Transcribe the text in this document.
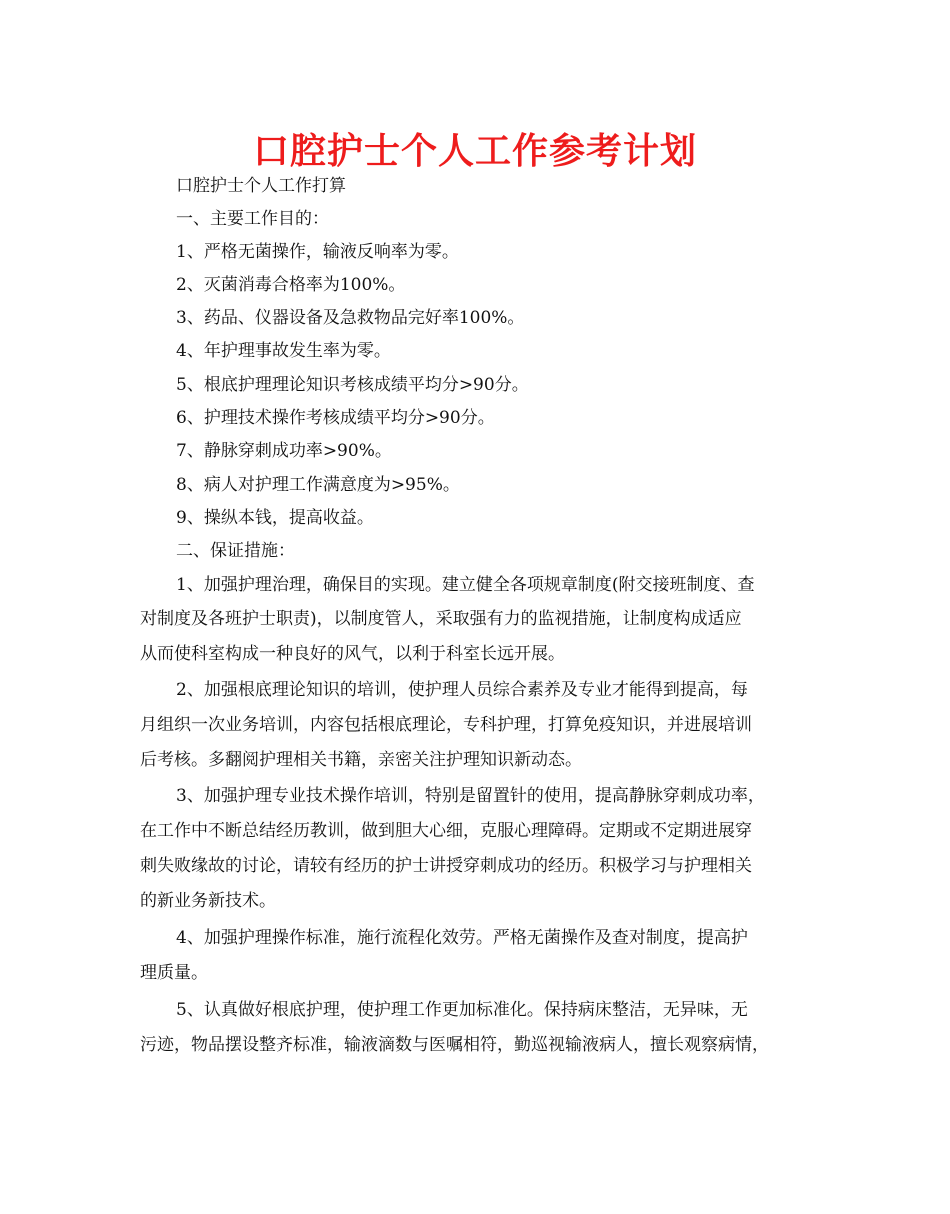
口腔护士个人工作参考计划
口腔护士个人工作打算
一、主要工作目的：
1、严格无菌操作，输液反响率为零。
2、灭菌消毒合格率为100%。
3、药品、仪器设备及急救物品完好率100%。
4、年护理事故发生率为零。
5、根底护理理论知识考核成绩平均分>90分。
6、护理技术操作考核成绩平均分>90分。
7、静脉穿刺成功率>90%。
8、病人对护理工作满意度为>95%。
9、操纵本钱，提高收益。
二、保证措施：
1、加强护理治理，确保目的实现。建立健全各项规章制度(附交接班制度、查
对制度及各班护士职责)，以制度管人，采取强有力的监视措施，让制度构成适应
从而使科室构成一种良好的风气，以利于科室长远开展。
2、加强根底理论知识的培训，使护理人员综合素养及专业才能得到提高，每
月组织一次业务培训，内容包括根底理论，专科护理，打算免疫知识，并进展培训
后考核。多翻阅护理相关书籍，亲密关注护理知识新动态。
3、加强护理专业技术操作培训，特别是留置针的使用，提高静脉穿刺成功率，
在工作中不断总结经历教训，做到胆大心细，克服心理障碍。定期或不定期进展穿
刺失败缘故的讨论，请较有经历的护士讲授穿刺成功的经历。积极学习与护理相关
的新业务新技术。
4、加强护理操作标准，施行流程化效劳。严格无菌操作及查对制度，提高护
理质量。
5、认真做好根底护理，使护理工作更加标准化。保持病床整洁，无异味，无
污迹，物品摆设整齐标准，输液滴数与医嘱相符，勤巡视输液病人，擅长观察病情，
